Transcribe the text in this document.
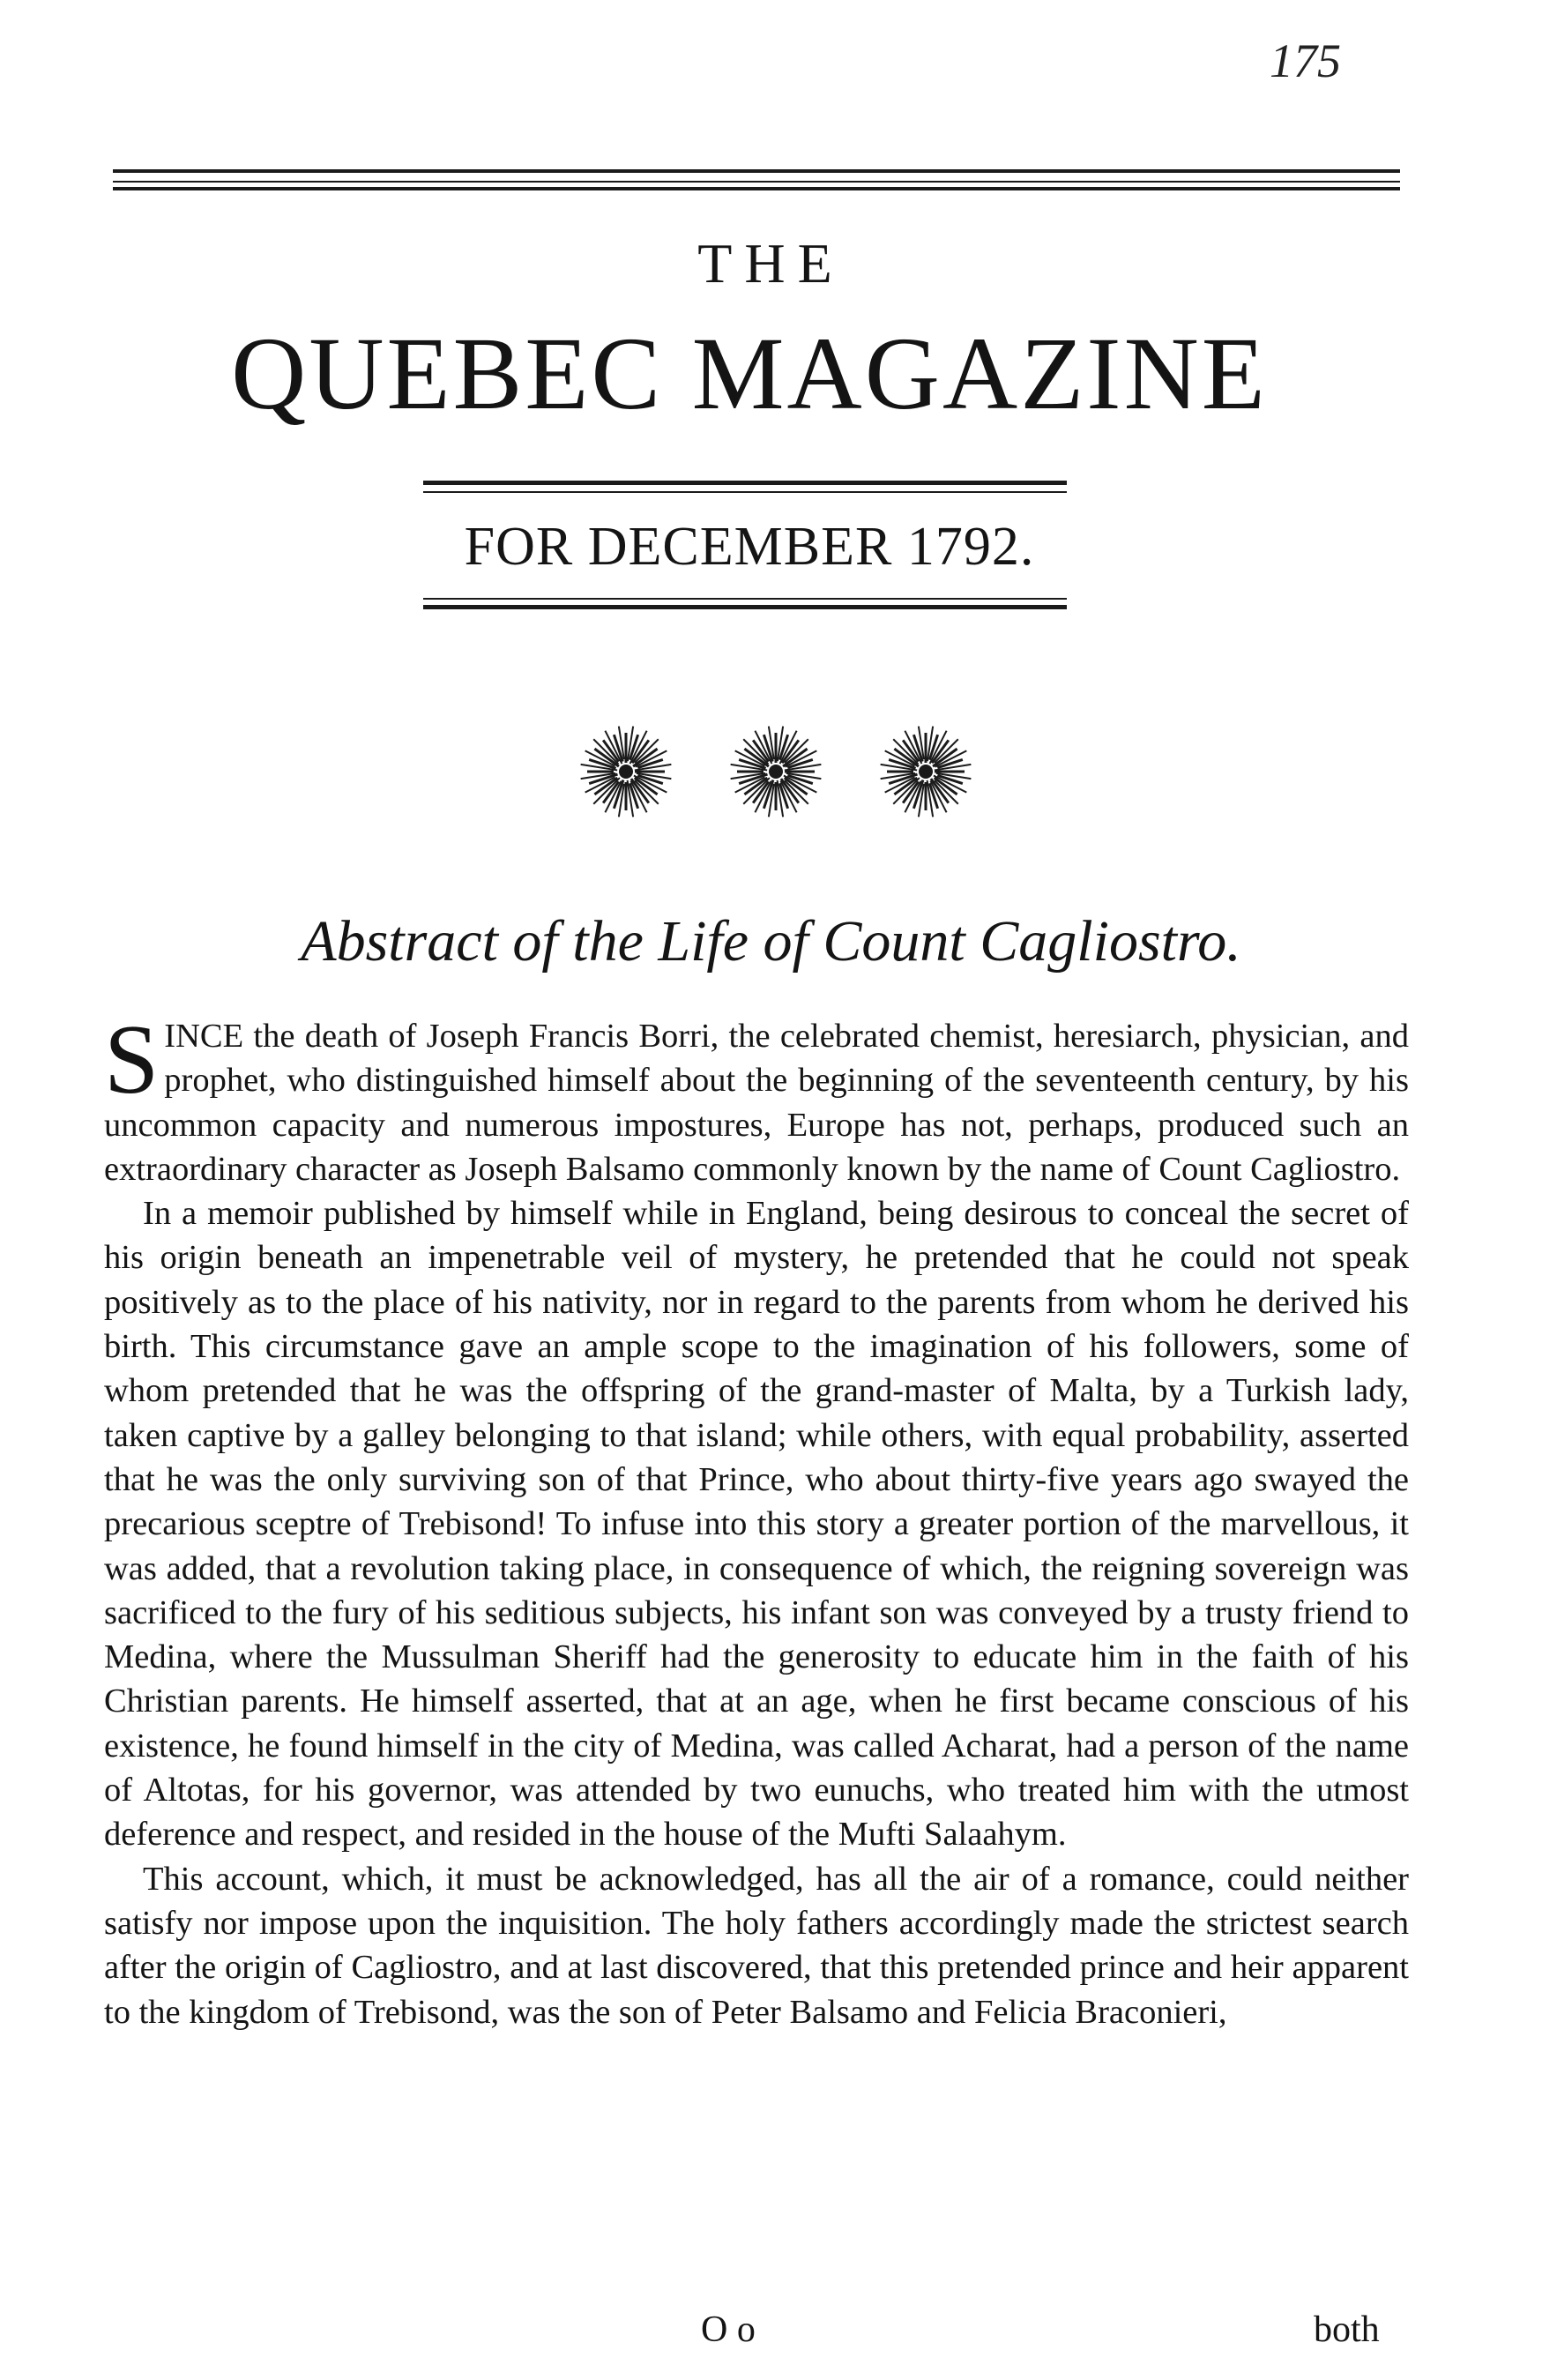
175
THE
QUEBEC MAGAZINE
FOR DECEMBER 1792.
Abstract of the Life of Count Cagliostro.

SINCE the death of Joseph Francis Borri, the celebrated chemist, heresiarch, physician, and prophet, who distinguished himself about the beginning of the seventeenth century, by his uncommon capacity and numerous impostures, Europe has not, perhaps, produced such an extraordinary character as Joseph Balsamo commonly known by the name of Count Cagliostro.

In a memoir published by himself while in England, being desirous to conceal the secret of his origin beneath an impenetrable veil of mystery, he pretended that he could not speak positively as to the place of his nativity, nor in regard to the parents from whom he derived his birth. This circumstance gave an ample scope to the imagination of his followers, some of whom pretended that he was the offspring of the grand-master of Malta, by a Turkish lady, taken captive by a galley belonging to that island; while others, with equal probability, asserted that he was the only surviving son of that Prince, who about thirty-five years ago swayed the precarious sceptre of Trebisond! To infuse into this story a greater portion of the marvellous, it was added, that a revolution taking place, in consequence of which, the reigning sovereign was sacrificed to the fury of his seditious subjects, his infant son was conveyed by a trusty friend to Medina, where the Mussulman Sheriff had the generosity to educate him in the faith of his Christian parents. He himself asserted, that at an age, when he first became conscious of his existence, he found himself in the city of Medina, was called Acharat, had a person of the name of Altotas, for his governor, was attended by two eunuchs, who treated him with the utmost deference and respect, and resided in the house of the Mufti Salaahym.

This account, which, it must be acknowledged, has all the air of a romance, could neither satisfy nor impose upon the inquisition. The holy fathers accordingly made the strictest search after the origin of Cagliostro, and at last discovered, that this pretended prince and heir apparent to the kingdom of Trebisond, was the son of Peter Balsamo and Felicia Braconieri,

O o	both
